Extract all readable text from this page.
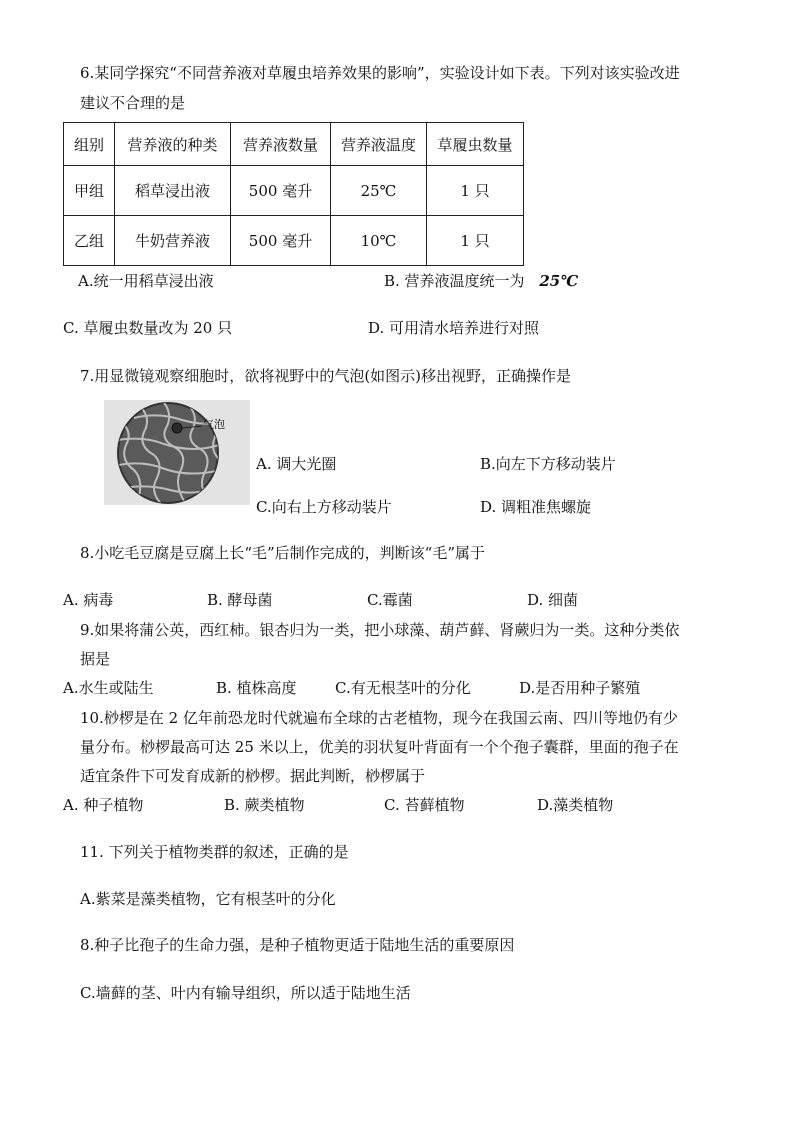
6.某同学探究“不同营养液对草履虫培养效果的影响”，实验设计如下表。下列对该实验改进
建议不合理的是
组别	营养液的种类	营养液数量	营养液温度	草履虫数量
甲组	稻草浸出液	500 毫升	25℃	1 只
乙组	牛奶营养液	500 毫升	10℃	1 只
A.统一用稻草浸出液	B. 营养液温度统一为 25℃
C. 草履虫数量改为 20 只	D. 可用清水培养进行对照
7.用显微镜观察细胞时，欲将视野中的气泡(如图示)移出视野，正确操作是
气泡
A. 调大光圈	B.向左下方移动装片
C.向右上方移动装片	D. 调粗准焦螺旋
8.小吃毛豆腐是豆腐上长“毛”后制作完成的，判断该“毛”属于
A. 病毒	B. 酵母菌	C.霉菌	D. 细菌
9.如果将蒲公英，西红柿。银杏归为一类，把小球藻、葫芦藓、肾蕨归为一类。这种分类依
据是
A.水生或陆生	B. 植株高度	C.有无根茎叶的分化	D.是否用种子繁殖
10.桫椤是在 2 亿年前恐龙时代就遍布全球的古老植物，现今在我国云南、四川等地仍有少
量分布。桫椤最高可达 25 米以上，优美的羽状复叶背面有一个个孢子囊群，里面的孢子在
适宜条件下可发育成新的桫椤。据此判断，桫椤属于
A. 种子植物	B. 蕨类植物	C. 苔藓植物	D.藻类植物
11. 下列关于植物类群的叙述，正确的是
A.紫菜是藻类植物，它有根茎叶的分化
8.种子比孢子的生命力强，是种子植物更适于陆地生活的重要原因
C.墙藓的茎、叶内有输导组织，所以适于陆地生活
